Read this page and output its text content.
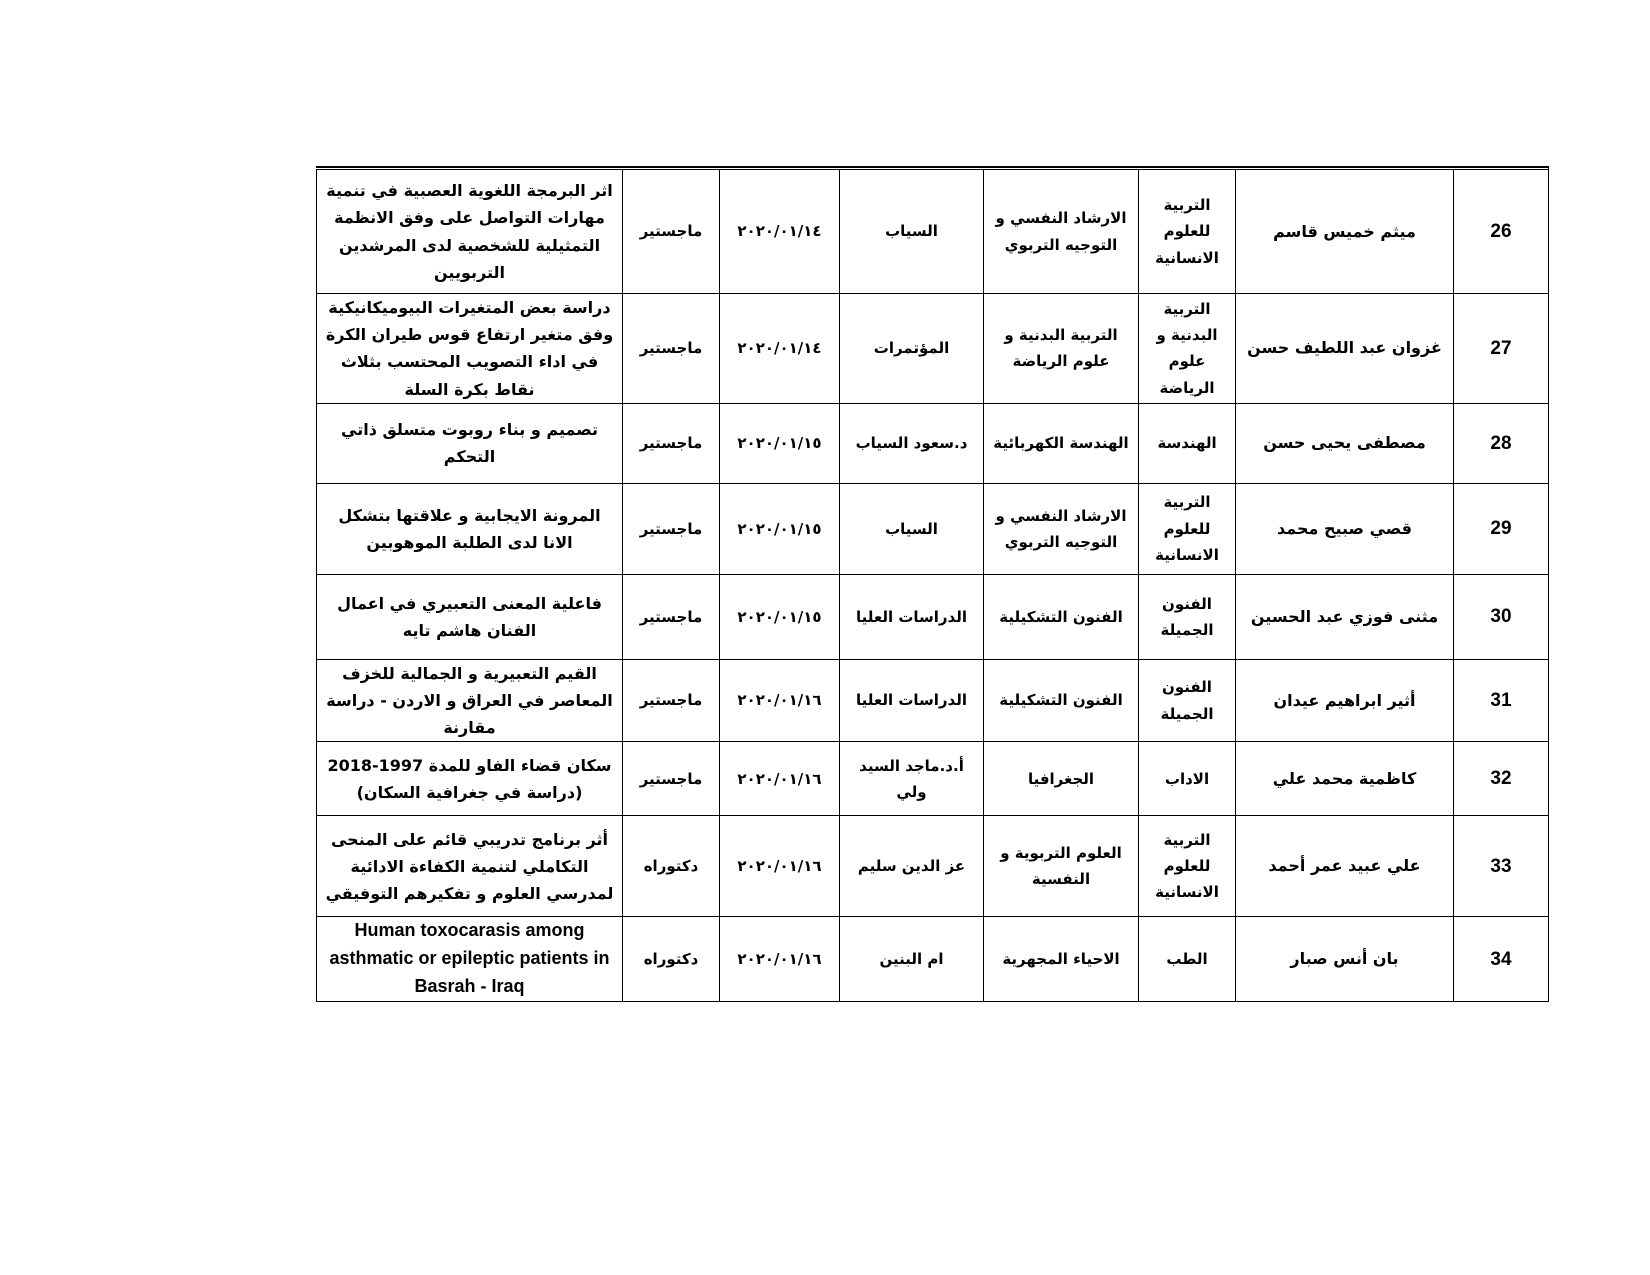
26	ميثم خميس قاسم	التربية للعلوم الانسانية	الارشاد النفسي و التوجيه التربوي	السياب	٢٠٢٠/٠١/١٤	ماجستير	اثر البرمجة اللغوية العصبية في تنمية مهارات التواصل على وفق الانظمة التمثيلية للشخصية لدى المرشدين التربويين
27	غزوان عبد اللطيف حسن	التربية البدنية و علوم الرياضة	التربية البدنية و علوم الرياضة	المؤتمرات	٢٠٢٠/٠١/١٤	ماجستير	دراسة بعض المتغيرات البيوميكانيكية وفق متغير ارتفاع قوس طيران الكرة في اداء التصويب المحتسب بثلاث نقاط بكرة السلة
28	مصطفى يحيى حسن	الهندسة	الهندسة الكهربائية	د.سعود السياب	٢٠٢٠/٠١/١٥	ماجستير	تصميم و بناء روبوت متسلق ذاتي التحكم
29	قصي صبيح محمد	التربية للعلوم الانسانية	الارشاد النفسي و التوجيه التربوي	السياب	٢٠٢٠/٠١/١٥	ماجستير	المرونة الايجابية و علاقتها بتشكل الانا لدى الطلبة الموهوبين
30	مثنى فوزي عبد الحسين	الفنون الجميلة	الفنون التشكيلية	الدراسات العليا	٢٠٢٠/٠١/١٥	ماجستير	فاعلية المعنى التعبيري في اعمال الفنان هاشم تايه
31	أثير ابراهيم عيدان	الفنون الجميلة	الفنون التشكيلية	الدراسات العليا	٢٠٢٠/٠١/١٦	ماجستير	القيم التعبيرية و الجمالية للخزف المعاصر في العراق و الاردن - دراسة مقارنة
32	كاظمية محمد علي	الاداب	الجغرافيا	أ.د.ماجد السيد ولي	٢٠٢٠/٠١/١٦	ماجستير	سكان قضاء الفاو للمدة 1997-2018 (دراسة في جغرافية السكان)
33	علي عبيد عمر أحمد	التربية للعلوم الانسانية	العلوم التربوية و النفسية	عز الدين سليم	٢٠٢٠/٠١/١٦	دكتوراه	أثر برنامج تدريبي قائم على المنحى التكاملي لتنمية الكفاءة الادائية لمدرسي العلوم و تفكيرهم التوفيقي
34	بان أنس صبار	الطب	الاحياء المجهرية	ام البنين	٢٠٢٠/٠١/١٦	دكتوراه	Human toxocarasis among asthmatic or epileptic patients in Basrah - Iraq
